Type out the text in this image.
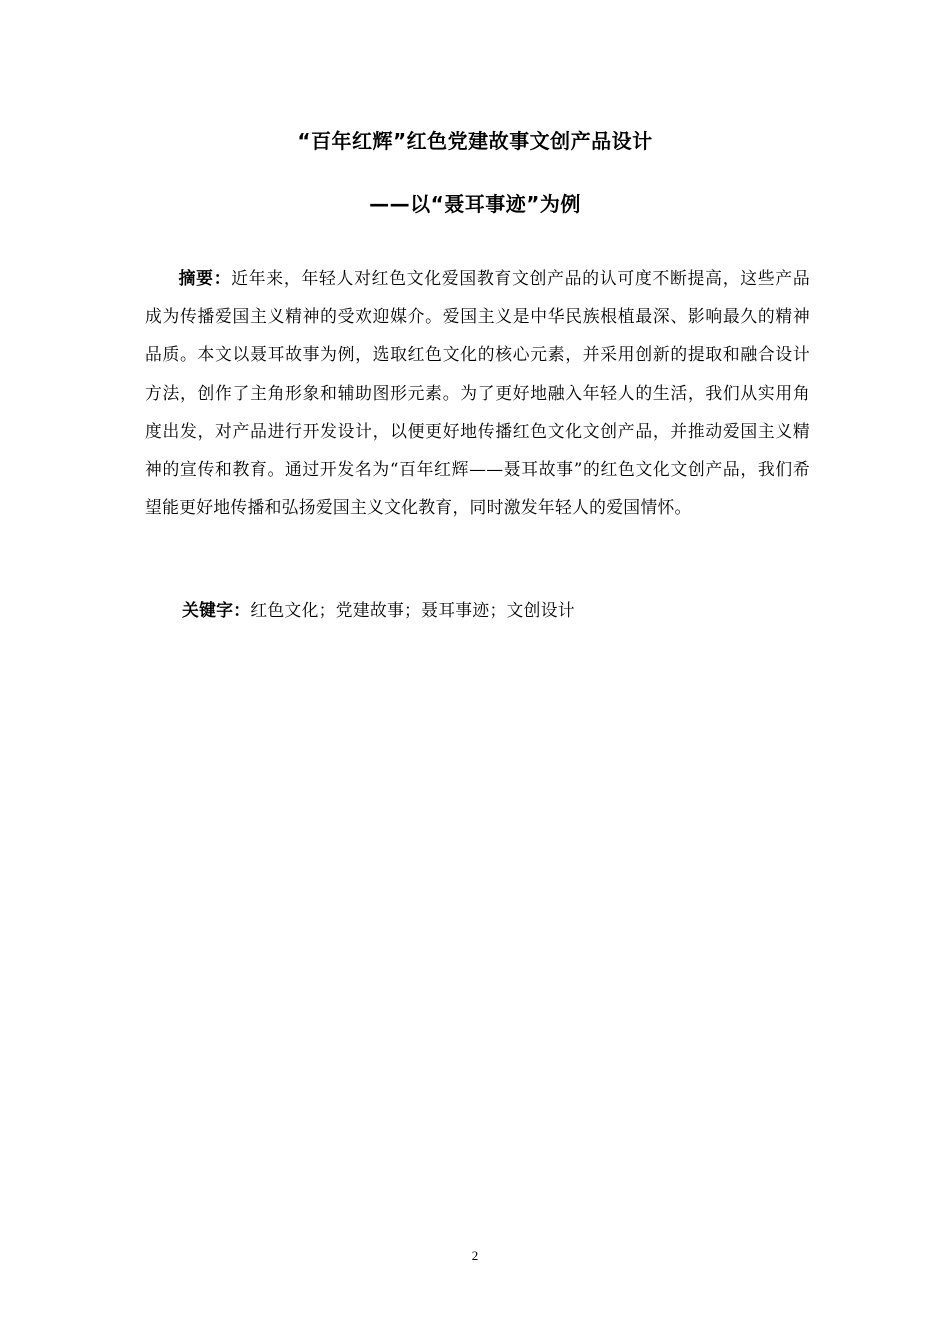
“百年红辉”红色党建故事文创产品设计
——以“聂耳事迹”为例

摘要：近年来，年轻人对红色文化爱国教育文创产品的认可度不断提高，这些产品成为传播爱国主义精神的受欢迎媒介。爱国主义是中华民族根植最深、影响最久的精神品质。本文以聂耳故事为例，选取红色文化的核心元素，并采用创新的提取和融合设计方法，创作了主角形象和辅助图形元素。为了更好地融入年轻人的生活，我们从实用角度出发，对产品进行开发设计，以便更好地传播红色文化文创产品，并推动爱国主义精神的宣传和教育。通过开发名为“百年红辉——聂耳故事”的红色文化文创产品，我们希望能更好地传播和弘扬爱国主义文化教育，同时激发年轻人的爱国情怀。

关键字：红色文化；党建故事；聂耳事迹；文创设计

2
